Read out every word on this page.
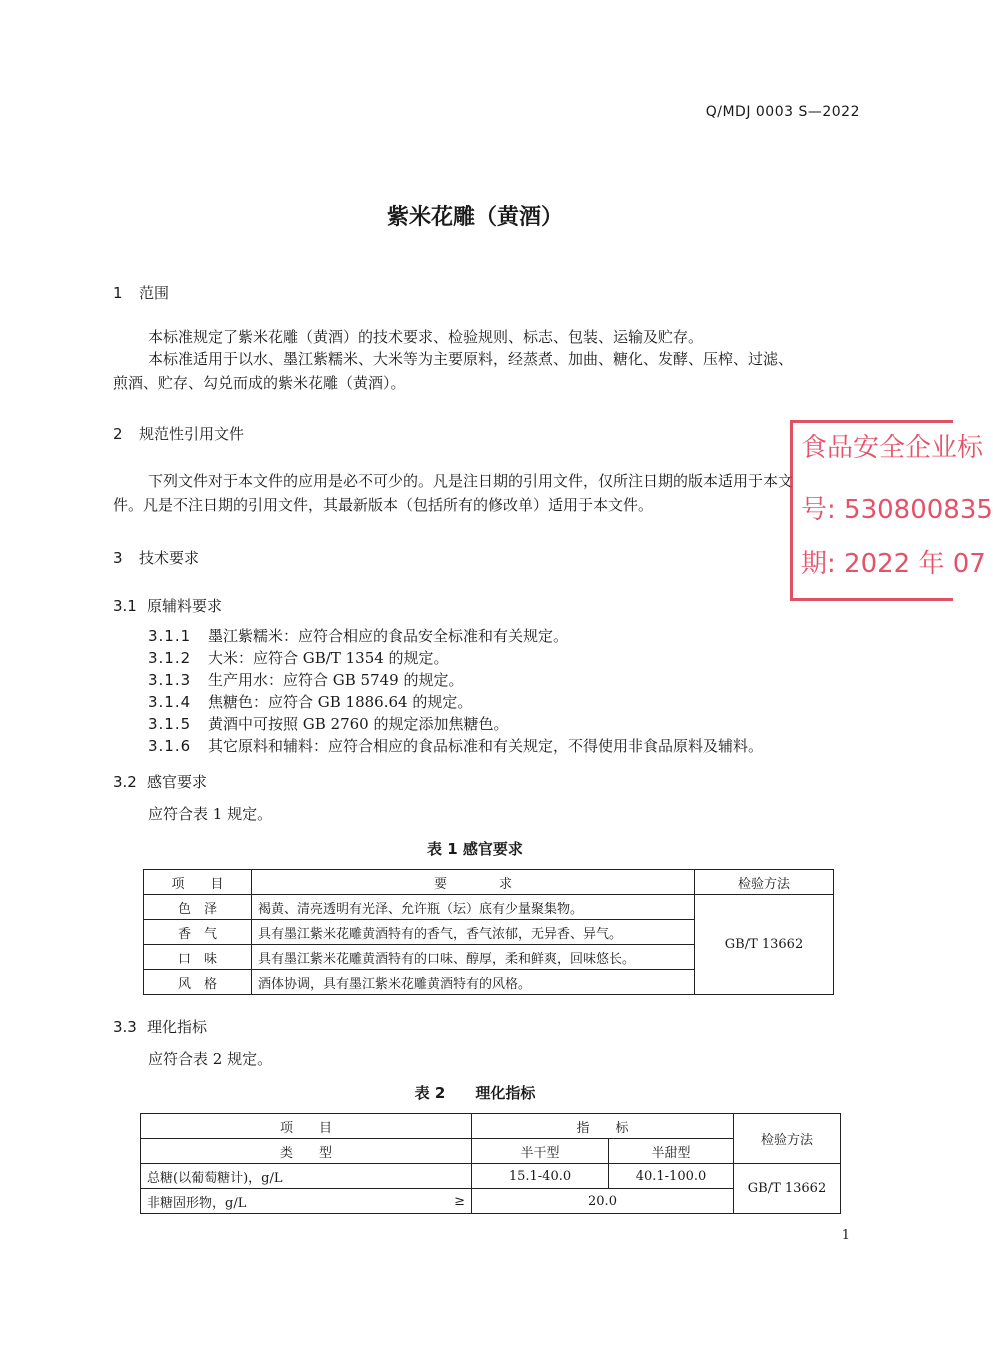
Q/MDJ 0003 S—2022
紫米花雕（黄酒）
1 范围
本标准规定了紫米花雕（黄酒）的技术要求、检验规则、标志、包装、运输及贮存。
本标准适用于以水、墨江紫糯米、大米等为主要原料，经蒸煮、加曲、糖化、发酵、压榨、过滤、
煎酒、贮存、勾兑而成的紫米花雕（黄酒）。
2 规范性引用文件
下列文件对于本文件的应用是必不可少的。凡是注日期的引用文件，仅所注日期的版本适用于本文
件。凡是不注日期的引用文件，其最新版本（包括所有的修改单）适用于本文件。
3 技术要求
3.1 原辅料要求
3.1.1 墨江紫糯米：应符合相应的食品安全标准和有关规定。
3.1.2 大米：应符合 GB/T 1354 的规定。
3.1.3 生产用水：应符合 GB 5749 的规定。
3.1.4 焦糖色：应符合 GB 1886.64 的规定。
3.1.5 黄酒中可按照 GB 2760 的规定添加焦糖色。
3.1.6 其它原料和辅料：应符合相应的食品标准和有关规定，不得使用非食品原料及辅料。
3.2 感官要求
应符合表 1 规定。
表 1 感官要求
项　　目	要　　　　求	检验方法
色　泽	褐黄、清亮透明有光泽、允许瓶（坛）底有少量聚集物。	GB/T 13662
香　气	具有墨江紫米花雕黄酒特有的香气，香气浓郁，无异香、异气。	
口　味	具有墨江紫米花雕黄酒特有的口味、醇厚，柔和鲜爽，回味悠长。	
风　格	酒体协调，具有墨江紫米花雕黄酒特有的风格。	
3.3 理化指标
应符合表 2 规定。
表 2　　理化指标
项　　目		指　　标		检验方法
类　　型		半干型	半甜型	
总糖(以葡萄糖计)，g/L		15.1-40.0	40.1-100.0	GB/T 13662
非糖固形物，g/L	≥	20.0		
食品安全企业标
号: 530800835
期: 2022 年 07
1
